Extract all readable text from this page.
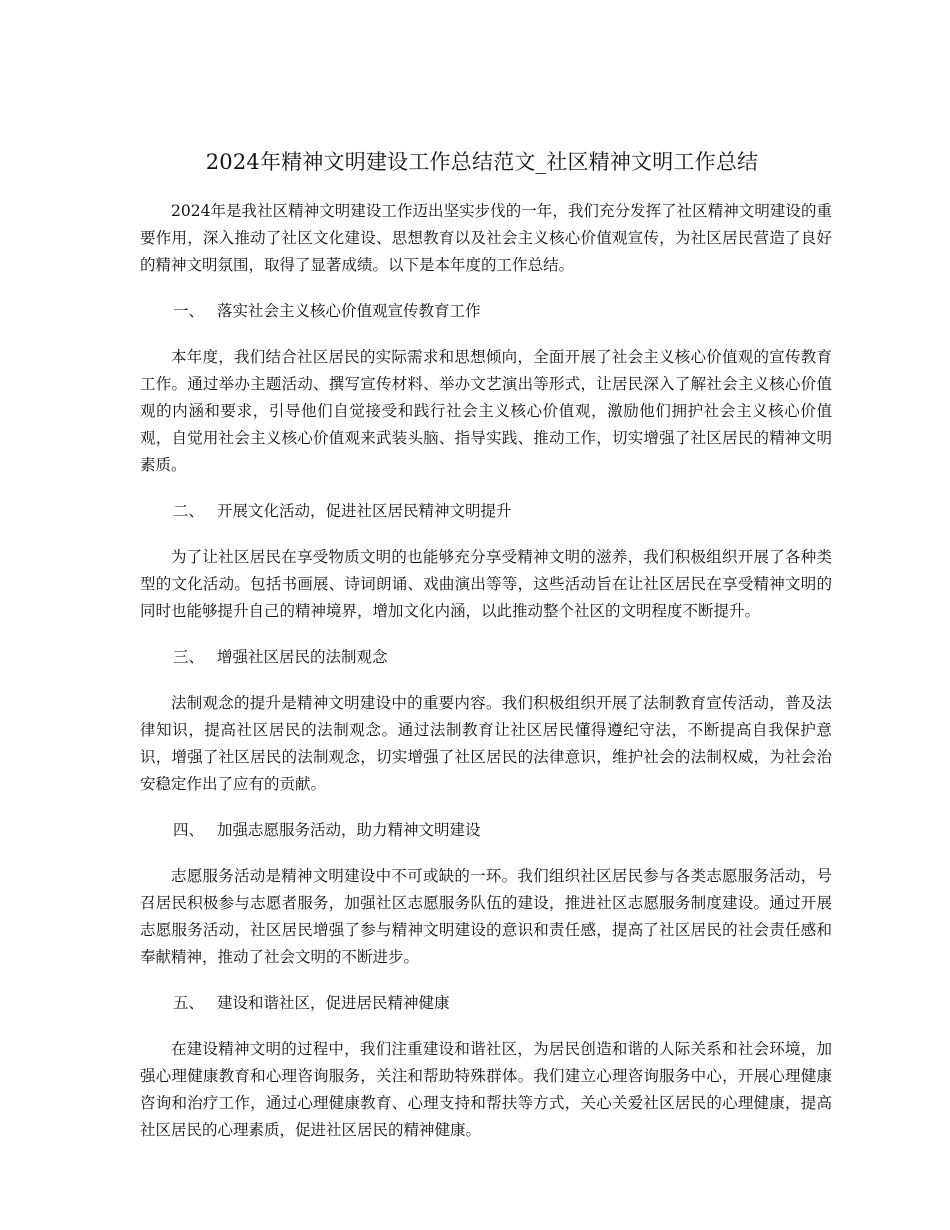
2024年精神文明建设工作总结范文_社区精神文明工作总结

2024年是我社区精神文明建设工作迈出坚实步伐的一年，我们充分发挥了社区精神文明建设的重要作用，深入推动了社区文化建设、思想教育以及社会主义核心价值观宣传，为社区居民营造了良好的精神文明氛围，取得了显著成绩。以下是本年度的工作总结。

一、 落实社会主义核心价值观宣传教育工作

本年度，我们结合社区居民的实际需求和思想倾向，全面开展了社会主义核心价值观的宣传教育工作。通过举办主题活动、撰写宣传材料、举办文艺演出等形式，让居民深入了解社会主义核心价值观的内涵和要求，引导他们自觉接受和践行社会主义核心价值观，激励他们拥护社会主义核心价值观，自觉用社会主义核心价值观来武装头脑、指导实践、推动工作，切实增强了社区居民的精神文明素质。

二、 开展文化活动，促进社区居民精神文明提升

为了让社区居民在享受物质文明的也能够充分享受精神文明的滋养，我们积极组织开展了各种类型的文化活动。包括书画展、诗词朗诵、戏曲演出等等，这些活动旨在让社区居民在享受精神文明的同时也能够提升自己的精神境界，增加文化内涵，以此推动整个社区的文明程度不断提升。

三、 增强社区居民的法制观念

法制观念的提升是精神文明建设中的重要内容。我们积极组织开展了法制教育宣传活动，普及法律知识，提高社区居民的法制观念。通过法制教育让社区居民懂得遵纪守法，不断提高自我保护意识，增强了社区居民的法制观念，切实增强了社区居民的法律意识，维护社会的法制权威，为社会治安稳定作出了应有的贡献。

四、 加强志愿服务活动，助力精神文明建设

志愿服务活动是精神文明建设中不可或缺的一环。我们组织社区居民参与各类志愿服务活动，号召居民积极参与志愿者服务，加强社区志愿服务队伍的建设，推进社区志愿服务制度建设。通过开展志愿服务活动，社区居民增强了参与精神文明建设的意识和责任感，提高了社区居民的社会责任感和奉献精神，推动了社会文明的不断进步。

五、 建设和谐社区，促进居民精神健康

在建设精神文明的过程中，我们注重建设和谐社区，为居民创造和谐的人际关系和社会环境，加强心理健康教育和心理咨询服务，关注和帮助特殊群体。我们建立心理咨询服务中心，开展心理健康咨询和治疗工作，通过心理健康教育、心理支持和帮扶等方式，关心关爱社区居民的心理健康，提高社区居民的心理素质，促进社区居民的精神健康。
